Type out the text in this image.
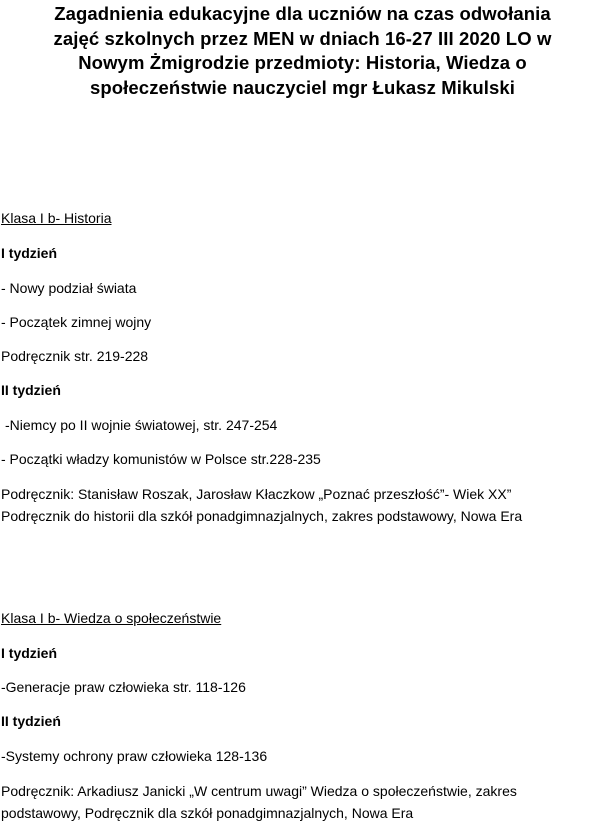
Zagadnienia edukacyjne dla uczniów na czas odwołania
zajęć szkolnych przez MEN w dniach 16-27 III 2020 LO w
Nowym Żmigrodzie przedmioty: Historia, Wiedza o
społeczeństwie nauczyciel mgr Łukasz Mikulski

Klasa I b- Historia

I tydzień

- Nowy podział świata

- Początek zimnej wojny

Podręcznik str. 219-228

II tydzień

-Niemcy po II wojnie światowej, str. 247-254

- Początki władzy komunistów w Polsce str.228-235

Podręcznik: Stanisław Roszak, Jarosław Kłaczkow „Poznać przeszłość”- Wiek XX”

Podręcznik do historii dla szkół ponadgimnazjalnych, zakres podstawowy, Nowa Era

Klasa I b- Wiedza o społeczeństwie

I tydzień

-Generacje praw człowieka str. 118-126

II tydzień

-Systemy ochrony praw człowieka 128-136

Podręcznik: Arkadiusz Janicki „W centrum uwagi” Wiedza o społeczeństwie, zakres

podstawowy, Podręcznik dla szkół ponadgimnazjalnych, Nowa Era
